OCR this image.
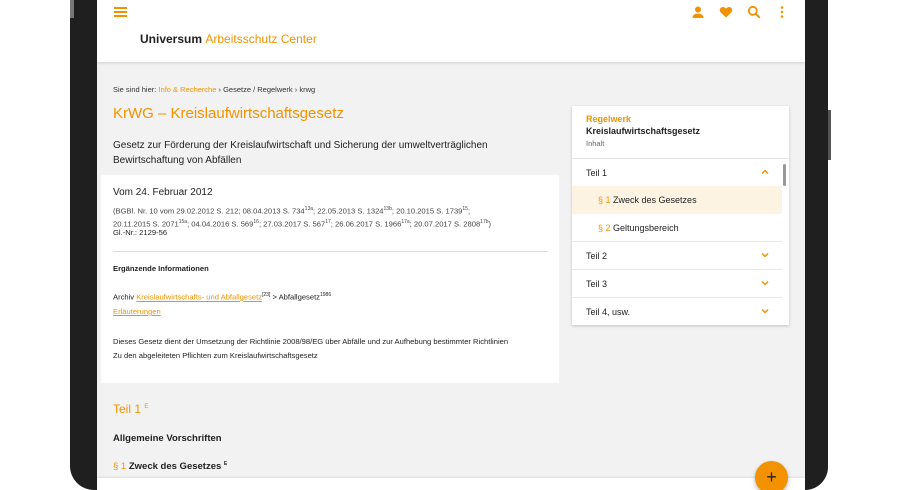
Universum Arbeitsschutz Center
Sie sind hier: Info & Recherche › Gesetze / Regelwerk › krwg
KrWG – Kreislaufwirtschaftsgesetz
Gesetz zur Förderung der Kreislaufwirtschaft und Sicherung der umweltverträglichen Bewirtschaftung von Abfällen
Vom 24. Februar 2012
(BGBl. Nr. 10 vom 29.02.2012 S. 212; 08.04.2013 S. $734^{13a}$; 22.05.2013 S. $1324^{13b}$; 20.10.2015 S. 1739$^{15}$;
20.11.2015 S. $2071^{15a}$; 04.04.2016 S. $569^{16}$; 27.03.2017 S. $567^{17}$; 26.06.2017 S. $1966^{17a}$; 20.07.2017 S. $2808^{17b}$)
Gl.-Nr.: 2129-56
Ergänzende Informationen
Archiv Kreislaufwirtschafts- und Abfallgesetz[23] > Abfallgesetz$^{1986}$
Erläuterungen
Dieses Gesetz dient der Umsetzung der Richtlinie 2008/98/EG über Abfälle und zur Aufhebung bestimmter Richtlinien
Zu den abgeleiteten Pflichten zum Kreislaufwirtschaftsgesetz
Teil 1 $^E$
Allgemeine Vorschriften
§ 1 Zweck des Gesetzes $^E$
Regelwerk
Kreislaufwirtschaftsgesetz
Inhalt
Teil 1
§ 1 Zweck des Gesetzes
§ 2 Geltungsbereich
Teil 2
Teil 3
Teil 4, usw.
+
